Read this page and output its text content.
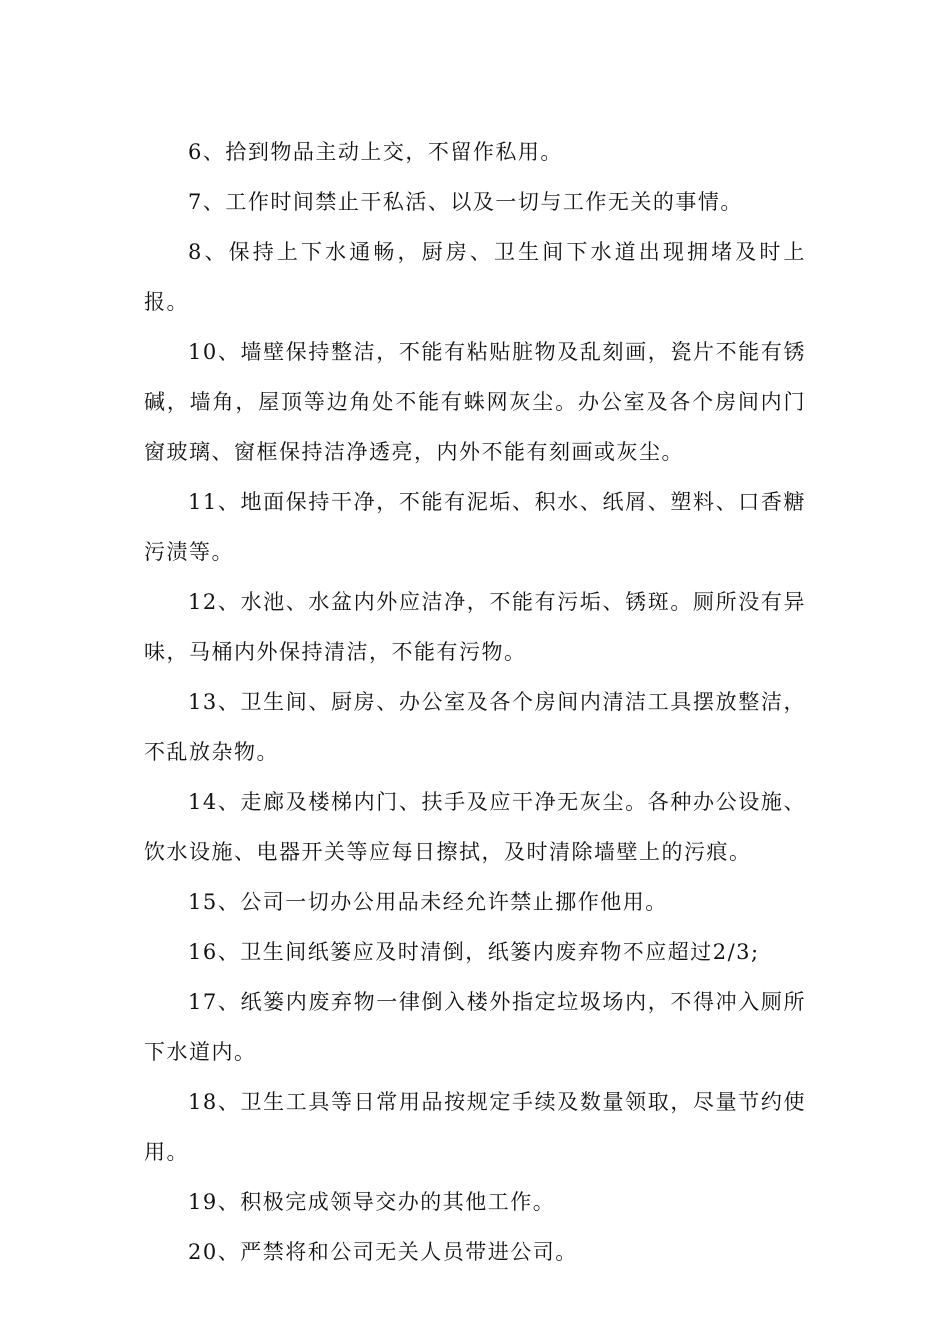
6、拾到物品主动上交，不留作私用。

7、工作时间禁止干私活、以及一切与工作无关的事情。

8、保持上下水通畅，厨房、卫生间下水道出现拥堵及时上报。

10、墙壁保持整洁，不能有粘贴脏物及乱刻画，瓷片不能有锈碱，墙角，屋顶等边角处不能有蛛网灰尘。办公室及各个房间内门窗玻璃、窗框保持洁净透亮，内外不能有刻画或灰尘。

11、地面保持干净，不能有泥垢、积水、纸屑、塑料、口香糖污渍等。

12、水池、水盆内外应洁净，不能有污垢、锈斑。厕所没有异味，马桶内外保持清洁，不能有污物。

13、卫生间、厨房、办公室及各个房间内清洁工具摆放整洁，不乱放杂物。

14、走廊及楼梯内门、扶手及应干净无灰尘。各种办公设施、饮水设施、电器开关等应每日擦拭，及时清除墙壁上的污痕。

15、公司一切办公用品未经允许禁止挪作他用。

16、卫生间纸篓应及时清倒，纸篓内废弃物不应超过2/3;

17、纸篓内废弃物一律倒入楼外指定垃圾场内，不得冲入厕所下水道内。

18、卫生工具等日常用品按规定手续及数量领取，尽量节约使用。

19、积极完成领导交办的其他工作。

20、严禁将和公司无关人员带进公司。
